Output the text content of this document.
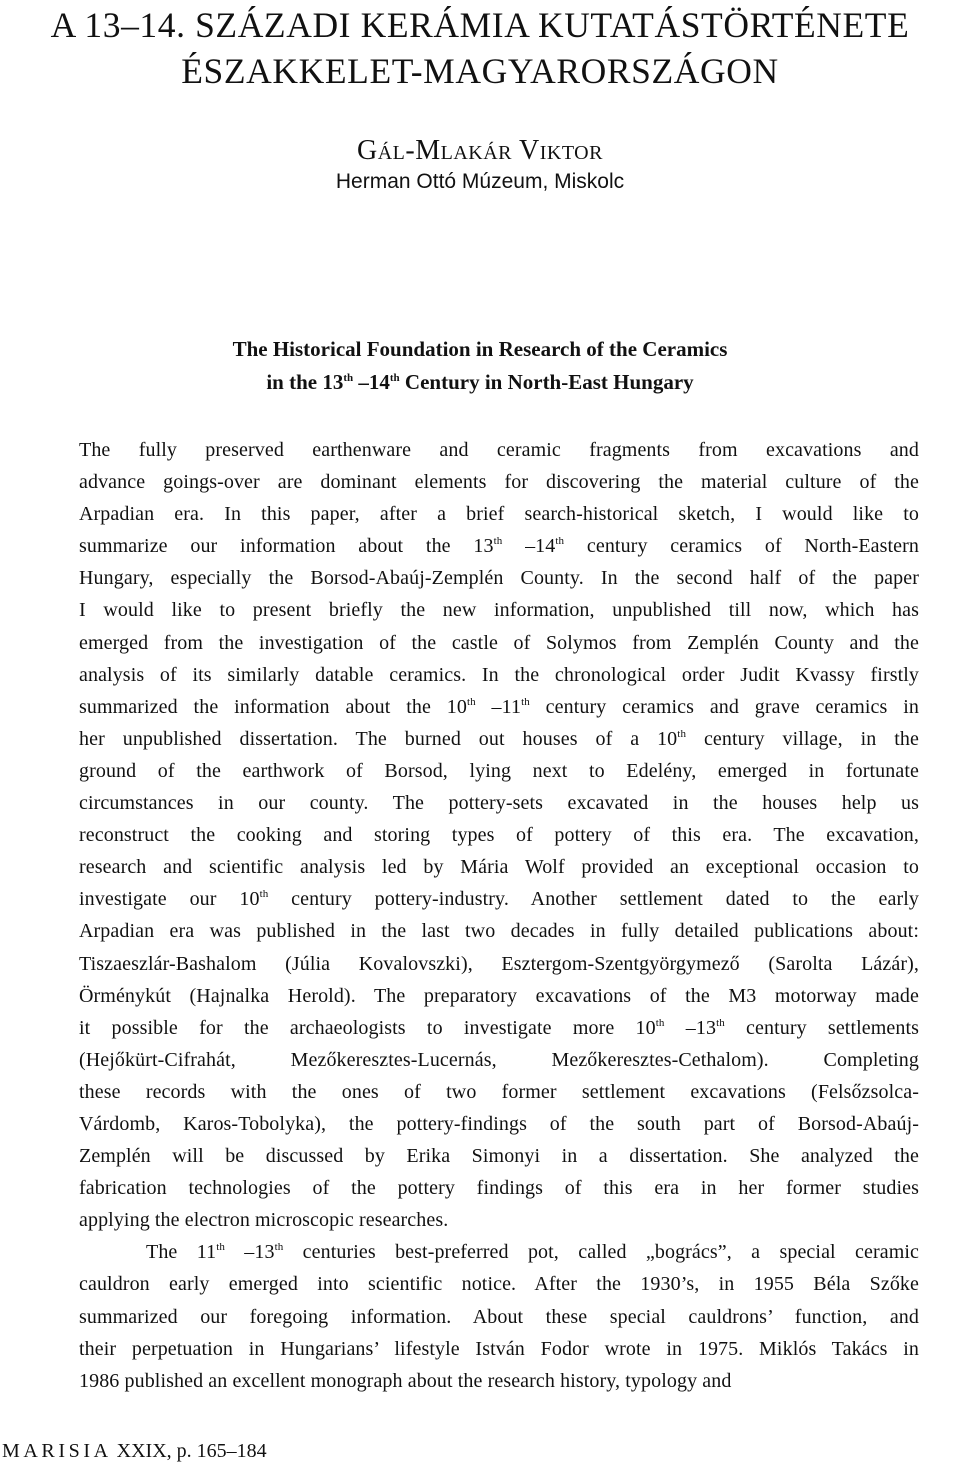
A 13–14. SZÁZADI KERÁMIA KUTATÁSTÖRTÉNETE
ÉSZAKKELET-MAGYARORSZÁGON
Gál-Mlakár Viktor
Herman Ottó Múzeum, Miskolc
The Historical Foundation in Research of the Ceramics
in the 13th –14th Century in North-East Hungary
The fully preserved earthenware and ceramic fragments from excavations and
advance goings-over are dominant elements for discovering the material culture of the
Arpadian era. In this paper, after a brief search-historical sketch, I would like to
summarize our information about the 13th –14th century ceramics of North-Eastern
Hungary, especially the Borsod-Abaúj-Zemplén County. In the second half of the paper
I would like to present briefly the new information, unpublished till now, which has
emerged from the investigation of the castle of Solymos from Zemplén County and the
analysis of its similarly datable ceramics. In the chronological order Judit Kvassy firstly
summarized the information about the 10th –11th century ceramics and grave ceramics in
her unpublished dissertation. The burned out houses of a 10th century village, in the
ground of the earthwork of Borsod, lying next to Edelény, emerged in fortunate
circumstances in our county. The pottery-sets excavated in the houses help us
reconstruct the cooking and storing types of pottery of this era. The excavation,
research and scientific analysis led by Mária Wolf provided an exceptional occasion to
investigate our 10th century pottery-industry. Another settlement dated to the early
Arpadian era was published in the last two decades in fully detailed publications about:
Tiszaeszlár-Bashalom (Júlia Kovalovszki), Esztergom-Szentgyörgymező (Sarolta Lázár),
Örménykút (Hajnalka Herold). The preparatory excavations of the M3 motorway made
it possible for the archaeologists to investigate more 10th –13th century settlements
(Hejőkürt-Cifrahát, Mezőkeresztes-Lucernás, Mezőkeresztes-Cethalom). Completing
these records with the ones of two former settlement excavations (Felsőzsolca-
Várdomb, Karos-Tobolyka), the pottery-findings of the south part of Borsod-Abaúj-
Zemplén will be discussed by Erika Simonyi in a dissertation. She analyzed the
fabrication technologies of the pottery findings of this era in her former studies
applying the electron microscopic researches.
The 11th –13th centuries best-preferred pot, called „bogrács”, a special ceramic
cauldron early emerged into scientific notice. After the 1930’s, in 1955 Béla Szőke
summarized our foregoing information. About these special cauldrons’ function, and
their perpetuation in Hungarians’ lifestyle István Fodor wrote in 1975. Miklós Takács in
1986 published an excellent monograph about the research history, typology and
MARISIA XXIX, p. 165–184
